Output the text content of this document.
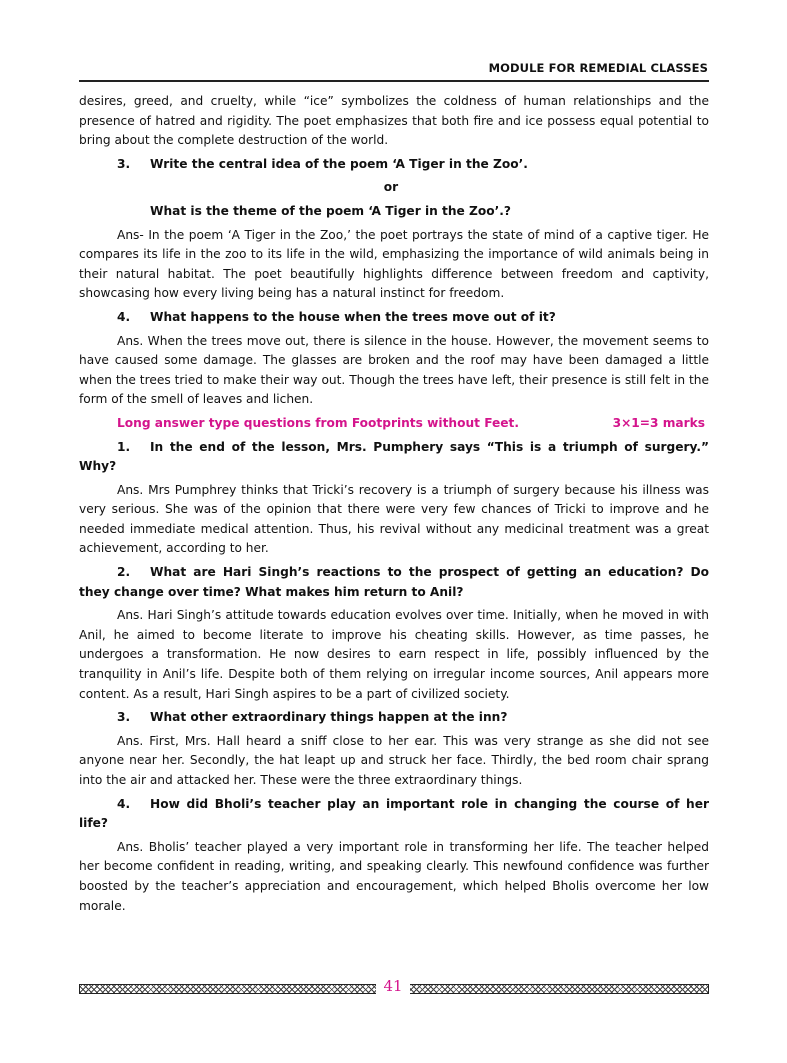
MODULE FOR REMEDIAL CLASSES

desires, greed, and cruelty, while “ice” symbolizes the coldness of human relationships and the presence of hatred and rigidity. The poet emphasizes that both fire and ice possess equal potential to bring about the complete destruction of the world.

3. Write the central idea of the poem ‘A Tiger in the Zoo’.
or
What is the theme of the poem ‘A Tiger in the Zoo’.?

Ans- In the poem ‘A Tiger in the Zoo,’ the poet portrays the state of mind of a captive tiger. He compares its life in the zoo to its life in the wild, emphasizing the importance of wild animals being in their natural habitat. The poet beautifully highlights difference between freedom and captivity, showcasing how every living being has a natural instinct for freedom.

4. What happens to the house when the trees move out of it?

Ans. When the trees move out, there is silence in the house. However, the movement seems to have caused some damage. The glasses are broken and the roof may have been damaged a little when the trees tried to make their way out. Though the trees have left, their presence is still felt in the form of the smell of leaves and lichen.

Long answer type questions from Footprints without Feet.	3×1=3 marks
1. In the end of the lesson, Mrs. Pumphery says “This is a triumph of surgery.” Why?

Ans. Mrs Pumphrey thinks that Tricki’s recovery is a triumph of surgery because his illness was very serious. She was of the opinion that there were very few chances of Tricki to improve and he needed immediate medical attention. Thus, his revival without any medicinal treatment was a great achievement, according to her.

2. What are Hari Singh’s reactions to the prospect of getting an education? Do they change over time? What makes him return to Anil?

Ans. Hari Singh’s attitude towards education evolves over time. Initially, when he moved in with Anil, he aimed to become literate to improve his cheating skills. However, as time passes, he undergoes a transformation. He now desires to earn respect in life, possibly influenced by the tranquility in Anil’s life. Despite both of them relying on irregular income sources, Anil appears more content. As a result, Hari Singh aspires to be a part of civilized society.

3. What other extraordinary things happen at the inn?

Ans. First, Mrs. Hall heard a sniff close to her ear. This was very strange as she did not see anyone near her. Secondly, the hat leapt up and struck her face. Thirdly, the bed room chair sprang into the air and attacked her. These were the three extraordinary things.

4. How did Bholi’s teacher play an important role in changing the course of her life?

Ans. Bholis’ teacher played a very important role in transforming her life. The teacher helped her become confident in reading, writing, and speaking clearly. This newfound confidence was further boosted by the teacher’s appreciation and encouragement, which helped Bholis overcome her low morale.

41
